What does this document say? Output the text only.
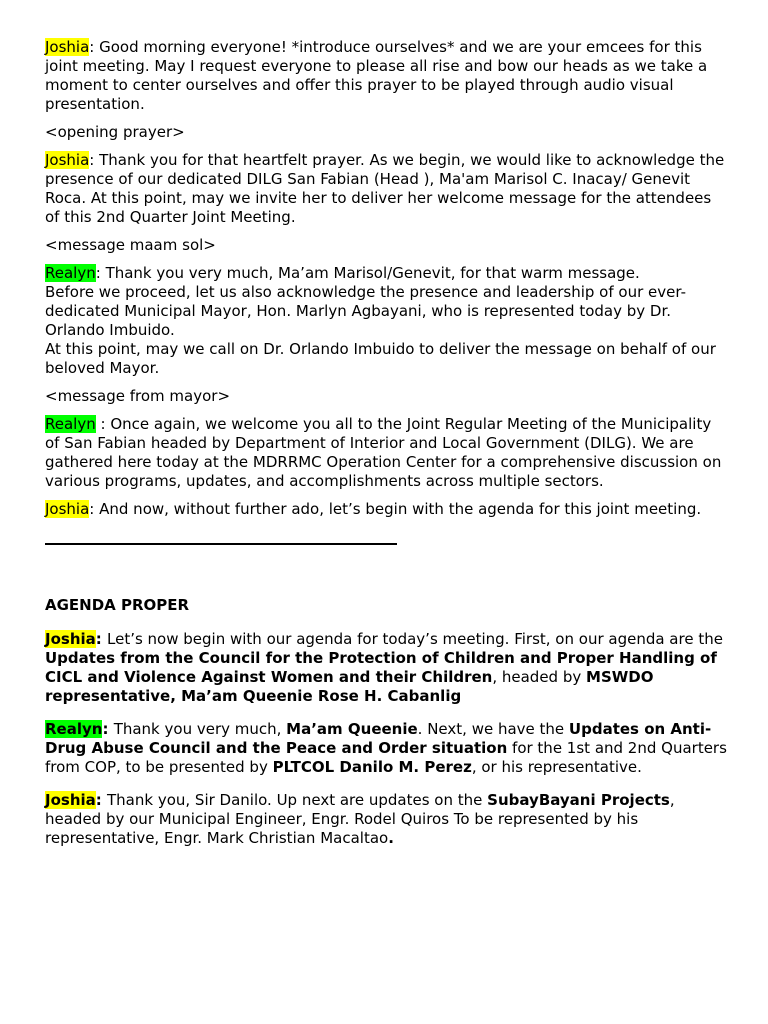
Joshia: Good morning everyone! *introduce ourselves* and we are your emcees for this joint meeting. May I request everyone to please all rise and bow our heads as we take a moment to center ourselves and offer this prayer to be played through audio visual presentation.

<opening prayer>

Joshia: Thank you for that heartfelt prayer. As we begin, we would like to acknowledge the presence of our dedicated DILG San Fabian (Head ), Ma'am Marisol C. Inacay/ Genevit Roca. At this point, may we invite her to deliver her welcome message for the attendees of this 2nd Quarter Joint Meeting.

<message maam sol>

Realyn: Thank you very much, Ma’am Marisol/Genevit, for that warm message.
Before we proceed, let us also acknowledge the presence and leadership of our ever-dedicated Municipal Mayor, Hon. Marlyn Agbayani, who is represented today by Dr. Orlando Imbuido.
At this point, may we call on Dr. Orlando Imbuido to deliver the message on behalf of our beloved Mayor.

<message from mayor>

Realyn : Once again, we welcome you all to the Joint Regular Meeting of the Municipality of San Fabian headed by Department of Interior and Local Government (DILG). We are gathered here today at the MDRRMC Operation Center for a comprehensive discussion on various programs, updates, and accomplishments across multiple sectors.

Joshia: And now, without further ado, let’s begin with the agenda for this joint meeting.

AGENDA PROPER

Joshia: Let’s now begin with our agenda for today’s meeting. First, on our agenda are the Updates from the Council for the Protection of Children and Proper Handling of CICL and Violence Against Women and their Children, headed by MSWDO representative, Ma’am Queenie Rose H. Cabanlig

Realyn: Thank you very much, Ma’am Queenie. Next, we have the Updates on Anti-Drug Abuse Council and the Peace and Order situation for the 1st and 2nd Quarters from COP, to be presented by PLTCOL Danilo M. Perez, or his representative.

Joshia: Thank you, Sir Danilo. Up next are updates on the SubayBayani Projects, headed by our Municipal Engineer, Engr. Rodel Quiros To be represented by his representative, Engr. Mark Christian Macaltao.
